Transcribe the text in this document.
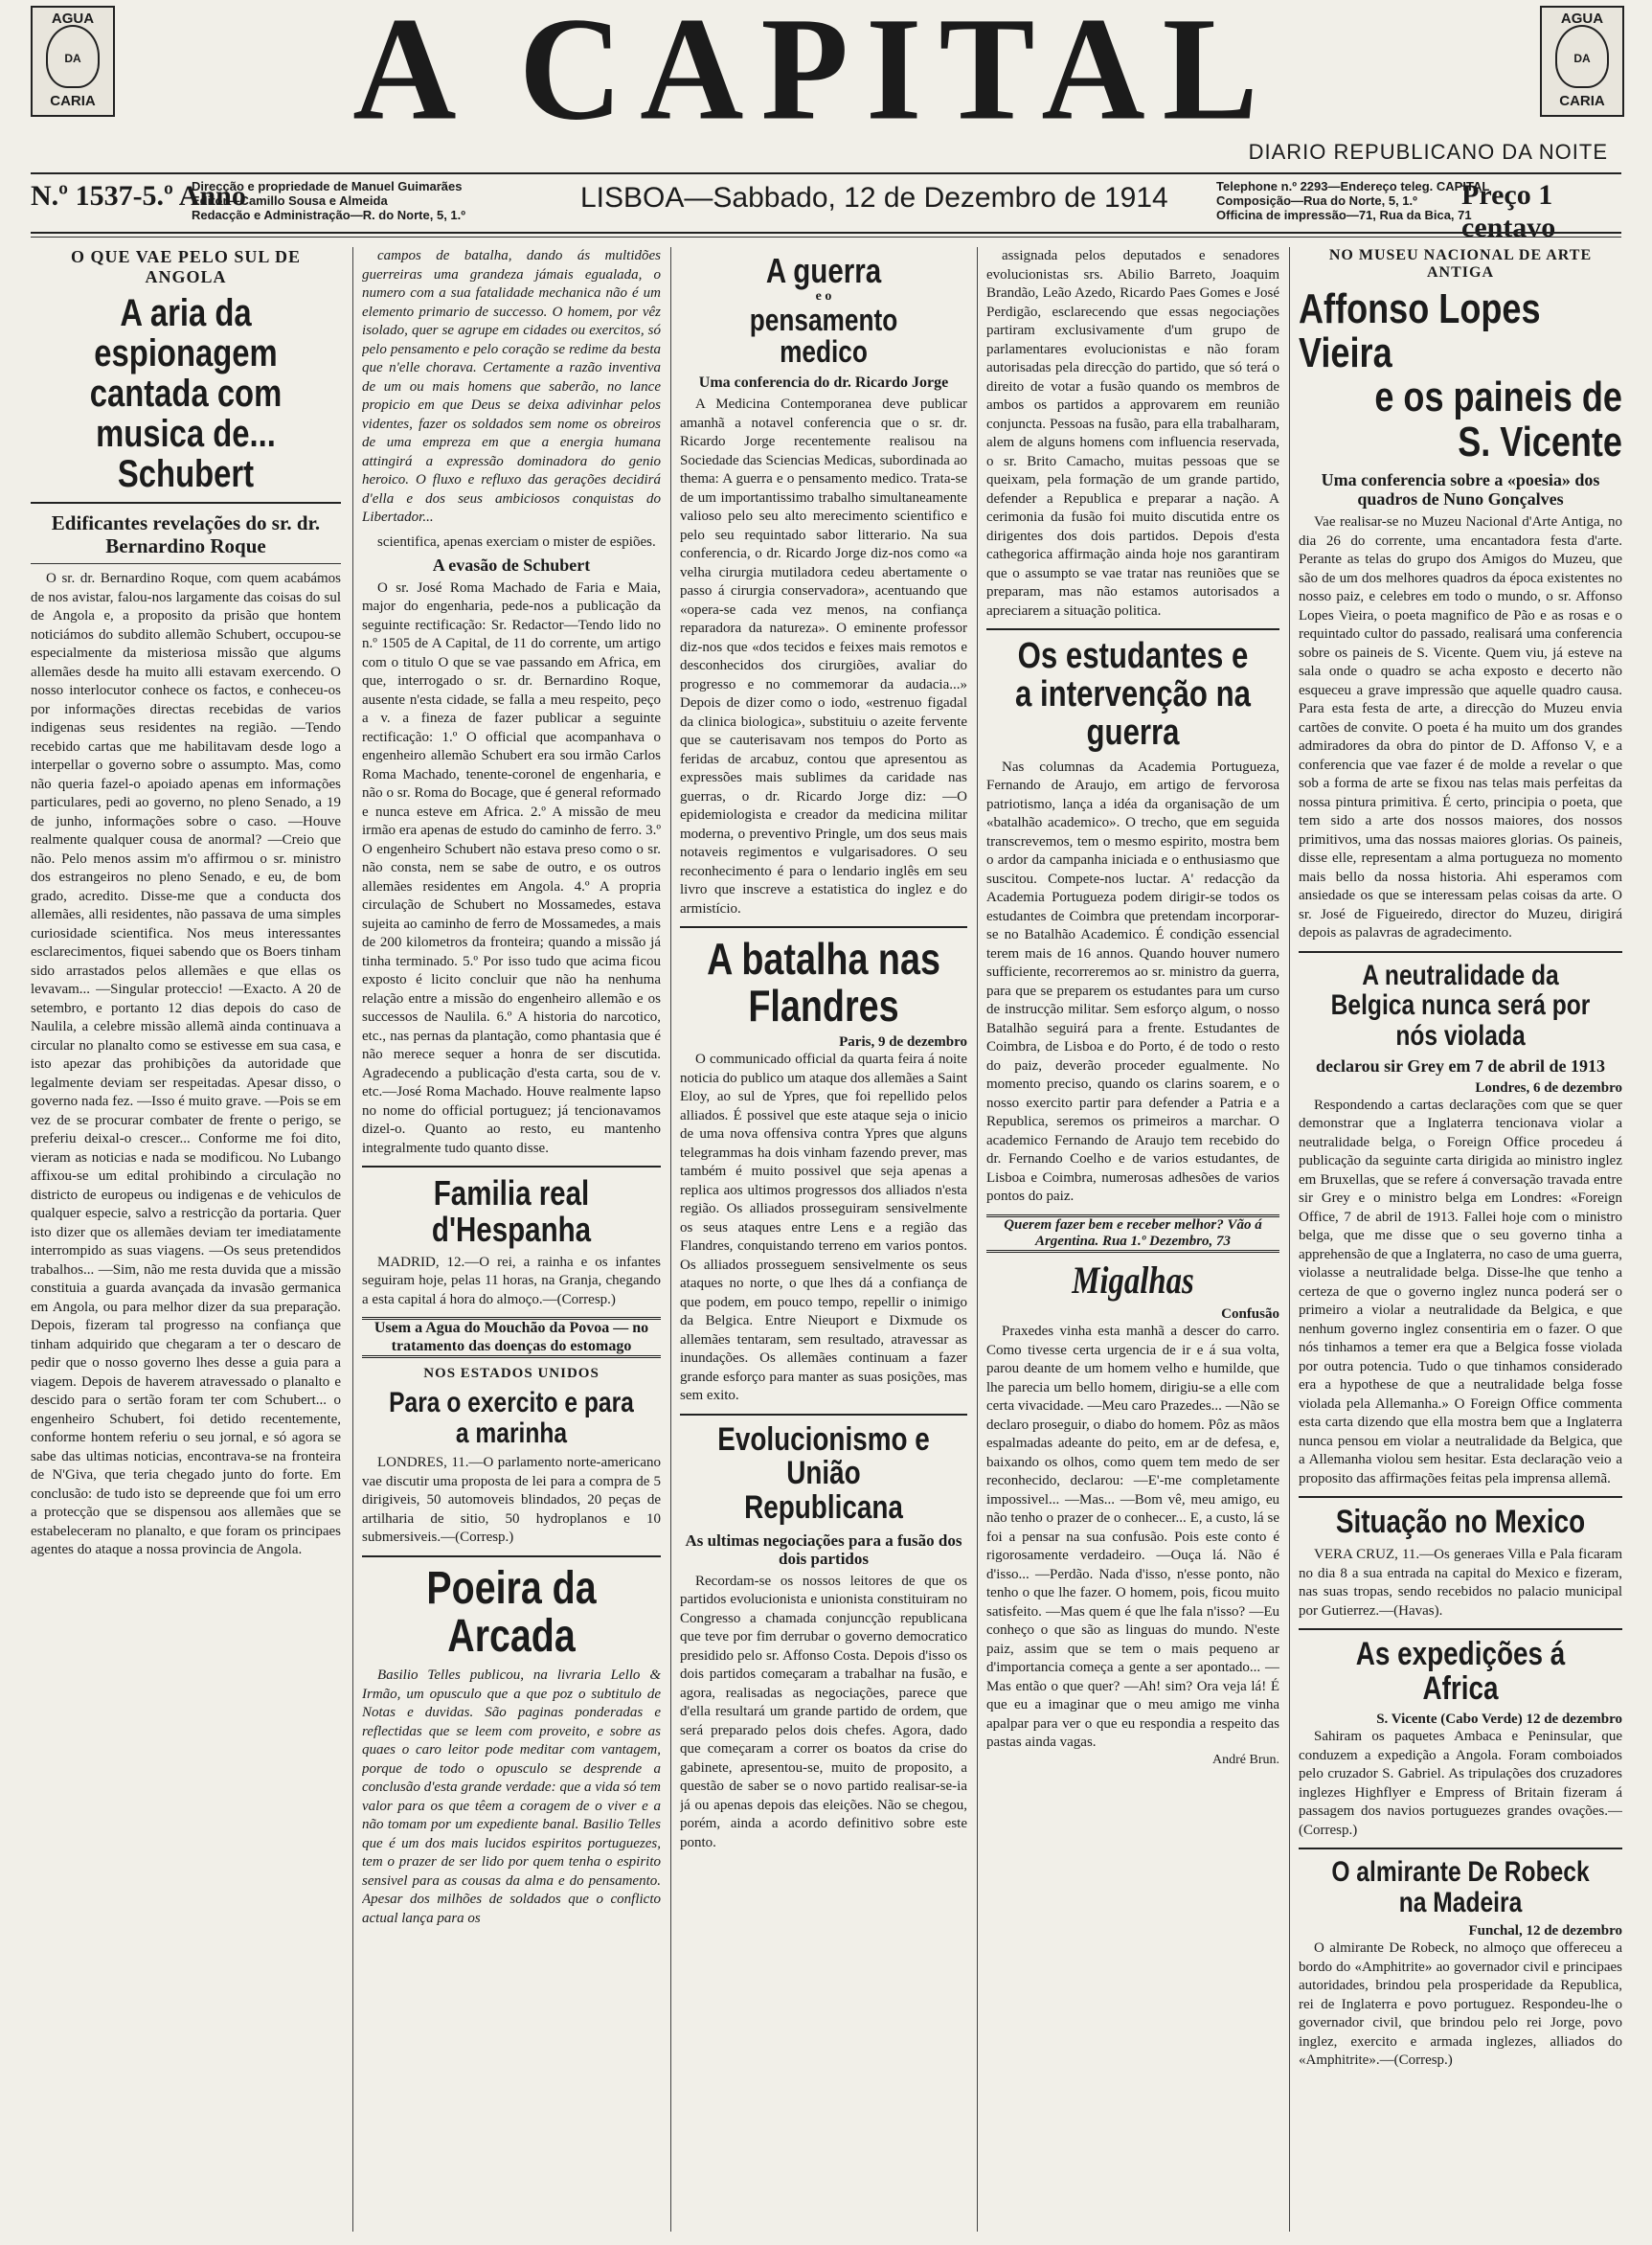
AGUA
DA
CARIA
AGUA
DA
CARIA
A CAPITAL
DIARIO REPUBLICANO DA NOITE
N.º 1537-5.º Anno
Direcção e propriedade de Manuel Guimarães
Editor—Camillo Sousa e Almeida
Redacção e Administração—R. do Norte, 5, 1.º
LISBOA—Sabbado, 12 de Dezembro de 1914	Telephone n.º 2293—Endereço teleg. CAPITAL
Composição—Rua do Norte, 5, 1.º
Officina de impressão—71, Rua da Bica, 71
Preço 1 centavo
O QUE VAE PELO SUL DE ANGOLA
A aria da espionagem cantada com musica de... Schubert
Edificantes revelações do sr. dr. Bernardino Roque

O sr. dr. Bernardino Roque, com quem acabámos de nos avistar, falou-nos largamente das coisas do sul de Angola e, a proposito da prisão que hontem noticiámos do subdito allemão Schubert, occupou-se especialmente da misteriosa missão que algums allemães desde ha muito alli estavam exercendo. O nosso interlocutor conhece os factos, e conheceu-os por informações directas recebidas de varios indigenas seus residentes na região. —Tendo recebido cartas que me habilitavam desde logo a interpellar o governo sobre o assumpto. Mas, como não queria fazel-o apoiado apenas em informações particulares, pedi ao governo, no pleno Senado, a 19 de junho, informações sobre o caso. —Houve realmente qualquer cousa de anormal? —Creio que não. Pelo menos assim m'o affirmou o sr. ministro dos estrangeiros no pleno Senado, e eu, de bom grado, acredito. Disse-me que a conducta dos allemães, alli residentes, não passava de uma simples curiosidade scientifica. Nos meus interessantes esclarecimentos, fiquei sabendo que os Boers tinham sido arrastados pelos allemães e que ellas os levavam... —Singular proteccio! —Exacto. A 20 de setembro, e portanto 12 dias depois do caso de Naulila, a celebre missão allemã ainda continuava a circular no planalto como se estivesse em sua casa, e isto apezar das prohibições da autoridade que legalmente deviam ser respeitadas. Apesar disso, o governo nada fez. —Isso é muito grave. —Pois se em vez de se procurar combater de frente o perigo, se preferiu deixal-o crescer... Conforme me foi dito, vieram as noticias e nada se modificou. No Lubango affixou-se um edital prohibindo a circulação no districto de europeus ou indigenas e de vehiculos de qualquer especie, salvo a restricção da portaria. Quer isto dizer que os allemães deviam ter imediatamente interrompido as suas viagens. —Os seus pretendidos trabalhos... —Sim, não me resta duvida que a missão constituia a guarda avançada da invasão germanica em Angola, ou para melhor dizer da sua preparação. Depois, fizeram tal progresso na confiança que tinham adquirido que chegaram a ter o descaro de pedir que o nosso governo lhes desse a guia para a viagem. Depois de haverem atravessado o planalto e descido para o sertão foram ter com Schubert... o engenheiro Schubert, foi detido recentemente, conforme hontem referiu o seu jornal, e só agora se sabe das ultimas noticias, encontrava-se na fronteira de N'Giva, que teria chegado junto do forte. Em conclusão: de tudo isto se depreende que foi um erro a protecção que se dispensou aos allemães que se estabeleceram no planalto, e que foram os principaes agentes do ataque a nossa provincia de Angola.

campos de batalha, dando ás multidões guerreiras uma grandeza jámais egualada, o numero com a sua fatalidade mechanica não é um elemento primario de successo. O homem, por vêz isolado, quer se agrupe em cidades ou exercitos, só pelo pensamento e pelo coração se redime da besta que n'elle chorava. Certamente a razão inventiva de um ou mais homens que saberão, no lance propicio em que Deus se deixa adivinhar pelos videntes, fazer os soldados sem nome os obreiros de uma empreza em que a energia humana attingirá a expressão dominadora do genio heroico. O fluxo e refluxo das gerações decidirá d'ella e dos seus ambiciosos conquistas do Libertador...

scientifica, apenas exerciam o mister de espiões.

A evasão de Schubert

O sr. José Roma Machado de Faria e Maia, major do engenharia, pede-nos a publicação da seguinte rectificação: Sr. Redactor—Tendo lido no n.º 1505 de A Capital, de 11 do corrente, um artigo com o titulo O que se vae passando em Africa, em que, interrogado o sr. dr. Bernardino Roque, ausente n'esta cidade, se falla a meu respeito, peço a v. a fineza de fazer publicar a seguinte rectificação: 1.º O official que acompanhava o engenheiro allemão Schubert era sou irmão Carlos Roma Machado, tenente-coronel de engenharia, e não o sr. Roma do Bocage, que é general reformado e nunca esteve em Africa. 2.º A missão de meu irmão era apenas de estudo do caminho de ferro. 3.º O engenheiro Schubert não estava preso como o sr. não consta, nem se sabe de outro, e os outros allemães residentes em Angola. 4.º A propria circulação de Schubert no Mossamedes, estava sujeita ao caminho de ferro de Mossamedes, a mais de 200 kilometros da fronteira; quando a missão já tinha terminado. 5.º Por isso tudo que acima ficou exposto é licito concluir que não ha nenhuma relação entre a missão do engenheiro allemão e os successos de Naulila. 6.º A historia do narcotico, etc., nas pernas da plantação, como phantasia que é não merece sequer a honra de ser discutida. Agradecendo a publicação d'esta carta, sou de v. etc.—José Roma Machado. Houve realmente lapso no nome do official portuguez; já tencionavamos dizel-o. Quanto ao resto, eu mantenho integralmente tudo quanto disse.

Familia real d'Hespanha

MADRID, 12.—O rei, a rainha e os infantes seguiram hoje, pelas 11 horas, na Granja, chegando a esta capital á hora do almoço.—(Corresp.)

Usem a Agua do Mouchão da Povoa — no tratamento das doenças do estomago
NOS ESTADOS UNIDOS
Para o exercito e para a marinha

LONDRES, 11.—O parlamento norte-americano vae discutir uma proposta de lei para a compra de 5 dirigiveis, 50 automoveis blindados, 20 peças de artilharia de sitio, 50 hydroplanos e 10 submersiveis.—(Corresp.)

Poeira da Arcada

Basilio Telles publicou, na livraria Lello & Irmão, um opusculo que a que poz o subtitulo de Notas e duvidas. São paginas ponderadas e reflectidas que se leem com proveito, e sobre as quaes o caro leitor pode meditar com vantagem, porque de todo o opusculo se desprende a conclusão d'esta grande verdade: que a vida só tem valor para os que têem a coragem de o viver e a não tomam por um expediente banal. Basilio Telles que é um dos mais lucidos espiritos portuguezes, tem o prazer de ser lido por quem tenha o espirito sensivel para as cousas da alma e do pensamento. Apesar dos milhões de soldados que o conflicto actual lança para os

A guerra
e o
pensamento medico
Uma conferencia do dr. Ricardo Jorge

A Medicina Contemporanea deve publicar amanhã a notavel conferencia que o sr. dr. Ricardo Jorge recentemente realisou na Sociedade das Sciencias Medicas, subordinada ao thema: A guerra e o pensamento medico. Trata-se de um importantissimo trabalho simultaneamente valioso pelo seu alto merecimento scientifico e pelo seu requintado sabor litterario. Na sua conferencia, o dr. Ricardo Jorge diz-nos como «a velha cirurgia mutiladora cedeu abertamente o passo á cirurgia conservadora», acentuando que «opera-se cada vez menos, na confiança reparadora da natureza». O eminente professor diz-nos que «dos tecidos e feixes mais remotos e desconhecidos dos cirurgiões, avaliar do progresso e no commemorar da audacia...» Depois de dizer como o iodo, «estrenuo figadal da clinica biologica», substituiu o azeite fervente que se cauterisavam nos tempos do Porto as feridas de arcabuz, contou que apresentou as expressões mais sublimes da caridade nas guerras, o dr. Ricardo Jorge diz: —O epidemiologista e creador da medicina militar moderna, o preventivo Pringle, um dos seus mais notaveis regimentos e vulgarisadores. O seu reconhecimento é para o lendario inglês em seu livro que inscreve a estatistica do inglez e do armistício.

A batalha nas Flandres
Paris, 9 de dezembro

O communicado official da quarta feira á noite noticia do publico um ataque dos allemães a Saint Eloy, ao sul de Ypres, que foi repellido pelos alliados. É possivel que este ataque seja o inicio de uma nova offensiva contra Ypres que alguns telegrammas ha dois vinham fazendo prever, mas também é muito possivel que seja apenas a replica aos ultimos progressos dos alliados n'esta região. Os alliados prosseguiram sensivelmente os seus ataques entre Lens e a região das Flandres, conquistando terreno em varios pontos. Os alliados prosseguem sensivelmente os seus ataques no norte, o que lhes dá a confiança de que podem, em pouco tempo, repellir o inimigo da Belgica. Entre Nieuport e Dixmude os allemães tentaram, sem resultado, atravessar as inundações. Os allemães continuam a fazer grande esforço para manter as suas posições, mas sem exito.

Evolucionismo e União Republicana
As ultimas negociações para a fusão dos dois partidos

Recordam-se os nossos leitores de que os partidos evolucionista e unionista constituiram no Congresso a chamada conjuncção republicana que teve por fim derrubar o governo democratico presidido pelo sr. Affonso Costa. Depois d'isso os dois partidos começaram a trabalhar na fusão, e agora, realisadas as negociações, parece que d'ella resultará um grande partido de ordem, que será preparado pelos dois chefes. Agora, dado que começaram a correr os boatos da crise do gabinete, apresentou-se, muito de proposito, a questão de saber se o novo partido realisar-se-ia já ou apenas depois das eleições. Não se chegou, porém, ainda a acordo definitivo sobre este ponto.

assignada pelos deputados e senadores evolucionistas srs. Abilio Barreto, Joaquim Brandão, Leão Azedo, Ricardo Paes Gomes e José Perdigão, esclarecendo que essas negociações partiram exclusivamente d'um grupo de parlamentares evolucionistas e não foram autorisadas pela direcção do partido, que só terá o direito de votar a fusão quando os membros de ambos os partidos a approvarem em reunião conjuncta. Pessoas na fusão, para ella trabalharam, alem de alguns homens com influencia reservada, o sr. Brito Camacho, muitas pessoas que se queixam, pela formação de um grande partido, defender a Republica e preparar a nação. A cerimonia da fusão foi muito discutida entre os dirigentes dos dois partidos. Depois d'esta cathegorica affirmação ainda hoje nos garantiram que o assumpto se vae tratar nas reuniões que se preparam, mas não estamos autorisados a apreciarem a situação politica.

Os estudantes e a intervenção na guerra

Nas columnas da Academia Portugueza, Fernando de Araujo, em artigo de fervorosa patriotismo, lança a idéa da organisação de um «batalhão academico». O trecho, que em seguida transcrevemos, tem o mesmo espirito, mostra bem o ardor da campanha iniciada e o enthusiasmo que suscitou. Compete-nos luctar. A' redacção da Academia Portugueza podem dirigir-se todos os estudantes de Coimbra que pretendam incorporar-se no Batalhão Academico. É condição essencial terem mais de 16 annos. Quando houver numero sufficiente, recorreremos ao sr. ministro da guerra, para que se preparem os estudantes para um curso de instrucção militar. Sem esforço algum, o nosso Batalhão seguirá para a frente. Estudantes de Coimbra, de Lisboa e do Porto, é de todo o resto do paiz, deverão proceder egualmente. No momento preciso, quando os clarins soarem, e o nosso exercito partir para defender a Patria e a Republica, seremos os primeiros a marchar. O academico Fernando de Araujo tem recebido do dr. Fernando Coelho e de varios estudantes, de Lisboa e Coimbra, numerosas adhesões de varios pontos do paiz.

Querem fazer bem e receber melhor? Vão á Argentina. Rua 1.º Dezembro, 73
Migalhas
Confusão

Praxedes vinha esta manhã a descer do carro. Como tivesse certa urgencia de ir e á sua volta, parou deante de um homem velho e humilde, que lhe parecia um bello homem, dirigiu-se a elle com certa vivacidade. —Meu caro Prazedes... —Não se declaro proseguir, o diabo do homem. Pôz as mãos espalmadas adeante do peito, em ar de defesa, e, baixando os olhos, como quem tem medo de ser reconhecido, declarou: —E'-me completamente impossivel... —Mas... —Bom vê, meu amigo, eu não tenho o prazer de o conhecer... E, a custo, lá se foi a pensar na sua confusão. Pois este conto é rigorosamente verdadeiro. —Ouça lá. Não é d'isso... —Perdão. Nada d'isso, n'esse ponto, não tenho o que lhe fazer. O homem, pois, ficou muito satisfeito. —Mas quem é que lhe fala n'isso? —Eu conheço o que são as linguas do mundo. N'este paiz, assim que se tem o mais pequeno ar d'importancia começa a gente a ser apontado... —Mas então o que quer? —Ah! sim? Ora veja lá! É que eu a imaginar que o meu amigo me vinha apalpar para ver o que eu respondia a respeito das pastas ainda vagas.

André Brun.
NO MUSEU NACIONAL DE ARTE ANTIGA
Affonso Lopes Vieira
e os paineis de S. Vicente
Uma conferencia sobre a «poesia» dos quadros de Nuno Gonçalves

Vae realisar-se no Muzeu Nacional d'Arte Antiga, no dia 26 do corrente, uma encantadora festa d'arte. Perante as telas do grupo dos Amigos do Muzeu, que são de um dos melhores quadros da época existentes no nosso paiz, e celebres em todo o mundo, o sr. Affonso Lopes Vieira, o poeta magnifico de Pão e as rosas e o requintado cultor do passado, realisará uma conferencia sobre os paineis de S. Vicente. Quem viu, já esteve na sala onde o quadro se acha exposto e decerto não esqueceu a grave impressão que aquelle quadro causa. Para esta festa de arte, a direcção do Muzeu envia cartões de convite. O poeta é ha muito um dos grandes admiradores da obra do pintor de D. Affonso V, e a conferencia que vae fazer é de molde a revelar o que sob a forma de arte se fixou nas telas mais perfeitas da nossa pintura primitiva. É certo, principia o poeta, que tem sido a arte dos nossos maiores, dos nossos primitivos, uma das nossas maiores glorias. Os paineis, disse elle, representam a alma portugueza no momento mais bello da nossa historia. Ahi esperamos com ansiedade os que se interessam pelas coisas da arte. O sr. José de Figueiredo, director do Muzeu, dirigirá depois as palavras de agradecimento.

A neutralidade da Belgica nunca será por nós violada
declarou sir Grey em 7 de abril de 1913
Londres, 6 de dezembro

Respondendo a cartas declarações com que se quer demonstrar que a Inglaterra tencionava violar a neutralidade belga, o Foreign Office procedeu á publicação da seguinte carta dirigida ao ministro inglez em Bruxellas, que se refere á conversação travada entre sir Grey e o ministro belga em Londres: «Foreign Office, 7 de abril de 1913. Fallei hoje com o ministro belga, que me disse que o seu governo tinha a apprehensão de que a Inglaterra, no caso de uma guerra, violasse a neutralidade belga. Disse-lhe que tenho a certeza de que o governo inglez nunca poderá ser o primeiro a violar a neutralidade da Belgica, e que nenhum governo inglez consentiria em o fazer. O que nós tinhamos a temer era que a Belgica fosse violada por outra potencia. Tudo o que tinhamos considerado era a hypothese de que a neutralidade belga fosse violada pela Allemanha.» O Foreign Office commenta esta carta dizendo que ella mostra bem que a Inglaterra nunca pensou em violar a neutralidade da Belgica, que a Allemanha violou sem hesitar. Esta declaração veio a proposito das affirmações feitas pela imprensa allemã.

Situação no Mexico

VERA CRUZ, 11.—Os generaes Villa e Pala ficaram no dia 8 a sua entrada na capital do Mexico e fizeram, nas suas tropas, sendo recebidos no palacio municipal por Gutierrez.—(Havas).

As expedições á Africa
S. Vicente (Cabo Verde) 12 de dezembro

Sahiram os paquetes Ambaca e Peninsular, que conduzem a expedição a Angola. Foram comboiados pelo cruzador S. Gabriel. As tripulações dos cruzadores inglezes Highflyer e Empress of Britain fizeram á passagem dos navios portuguezes grandes ovações.—(Corresp.)

O almirante De Robeck na Madeira
Funchal, 12 de dezembro

O almirante De Robeck, no almoço que offereceu a bordo do «Amphitrite» ao governador civil e principaes autoridades, brindou pela prosperidade da Republica, rei de Inglaterra e povo portuguez. Respondeu-lhe o governador civil, que brindou pelo rei Jorge, povo inglez, exercito e armada inglezes, alliados do «Amphitrite».—(Corresp.)
